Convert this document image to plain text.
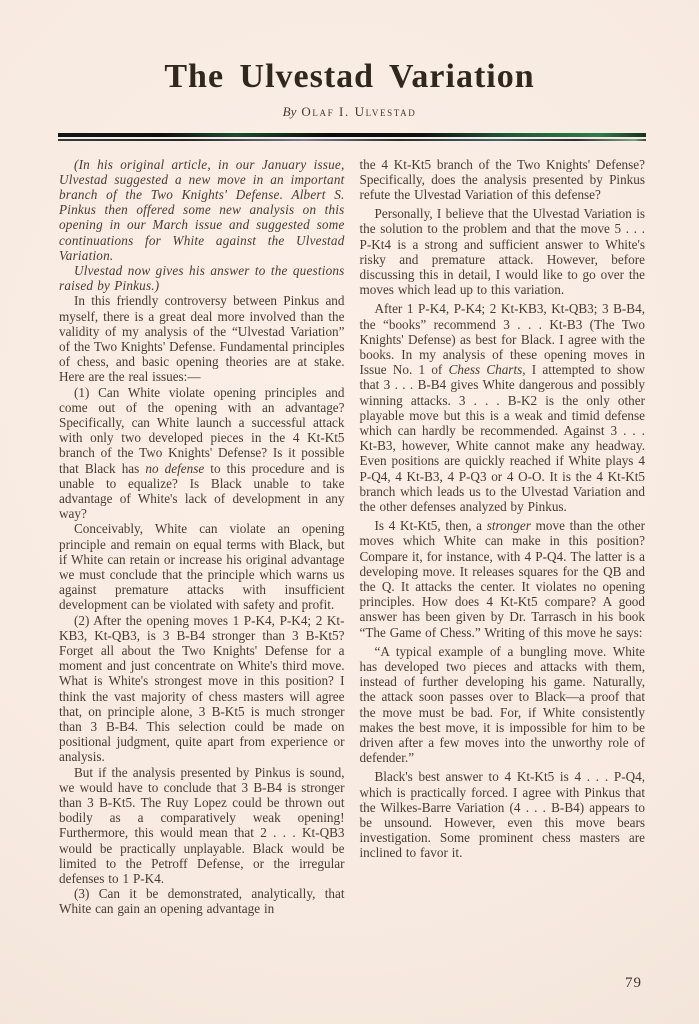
The Ulvestad Variation
By Olaf I. Ulvestad

(In his original article, in our January issue, Ulvestad suggested a new move in an important branch of the Two Knights' Defense. Albert S. Pinkus then offered some new analysis on this opening in our March issue and suggested some continuations for White against the Ulvestad Variation.

Ulvestad now gives his answer to the questions raised by Pinkus.)

In this friendly controversy between Pinkus and myself, there is a great deal more involved than the validity of my analysis of the “Ulvestad Variation” of the Two Knights' Defense. Fundamental principles of chess, and basic opening theories are at stake. Here are the real issues:—

(1) Can White violate opening principles and come out of the opening with an advantage? Specifically, can White launch a successful attack with only two developed pieces in the 4 Kt-Kt5 branch of the Two Knights' Defense? Is it possible that Black has no defense to this procedure and is unable to equalize? Is Black unable to take advantage of White's lack of development in any way?

Conceivably, White can violate an opening principle and remain on equal terms with Black, but if White can retain or increase his original advantage we must conclude that the principle which warns us against premature attacks with insufficient development can be violated with safety and profit.

(2) After the opening moves 1 P-K4, P-K4; 2 Kt-KB3, Kt-QB3, is 3 B-B4 stronger than 3 B-Kt5? Forget all about the Two Knights' Defense for a moment and just concentrate on White's third move. What is White's strongest move in this position? I think the vast majority of chess masters will agree that, on principle alone, 3 B-Kt5 is much stronger than 3 B-B4. This selection could be made on positional judgment, quite apart from experience or analysis.

But if the analysis presented by Pinkus is sound, we would have to conclude that 3 B-B4 is stronger than 3 B-Kt5. The Ruy Lopez could be thrown out bodily as a comparatively weak opening! Furthermore, this would mean that 2 . . . Kt-QB3 would be practically unplayable. Black would be limited to the Petroff Defense, or the irregular defenses to 1 P-K4.

(3) Can it be demonstrated, analytically, that White can gain an opening advantage in

the 4 Kt-Kt5 branch of the Two Knights' Defense? Specifically, does the analysis presented by Pinkus refute the Ulvestad Variation of this defense?

Personally, I believe that the Ulvestad Variation is the solution to the problem and that the move 5 . . . P-Kt4 is a strong and sufficient answer to White's risky and premature attack. However, before discussing this in detail, I would like to go over the moves which lead up to this variation.

After 1 P-K4, P-K4; 2 Kt-KB3, Kt-QB3; 3 B-B4, the “books” recommend 3 . . . Kt-B3 (The Two Knights' Defense) as best for Black. I agree with the books. In my analysis of these opening moves in Issue No. 1 of Chess Charts, I attempted to show that 3 . . . B-B4 gives White dangerous and possibly winning attacks. 3 . . . B-K2 is the only other playable move but this is a weak and timid defense which can hardly be recommended. Against 3 . . . Kt-B3, however, White cannot make any headway. Even positions are quickly reached if White plays 4 P-Q4, 4 Kt-B3, 4 P-Q3 or 4 O-O. It is the 4 Kt-Kt5 branch which leads us to the Ulvestad Variation and the other defenses analyzed by Pinkus.

Is 4 Kt-Kt5, then, a stronger move than the other moves which White can make in this position? Compare it, for instance, with 4 P-Q4. The latter is a developing move. It releases squares for the QB and the Q. It attacks the center. It violates no opening principles. How does 4 Kt-Kt5 compare? A good answer has been given by Dr. Tarrasch in his book “The Game of Chess.” Writing of this move he says:

“A typical example of a bungling move. White has developed two pieces and attacks with them, instead of further developing his game. Naturally, the attack soon passes over to Black—a proof that the move must be bad. For, if White consistently makes the best move, it is impossible for him to be driven after a few moves into the unworthy role of defender.”

Black's best answer to 4 Kt-Kt5 is 4 . . . P-Q4, which is practically forced. I agree with Pinkus that the Wilkes-Barre Variation (4 . . . B-B4) appears to be unsound. However, even this move bears investigation. Some prominent chess masters are inclined to favor it.

79
